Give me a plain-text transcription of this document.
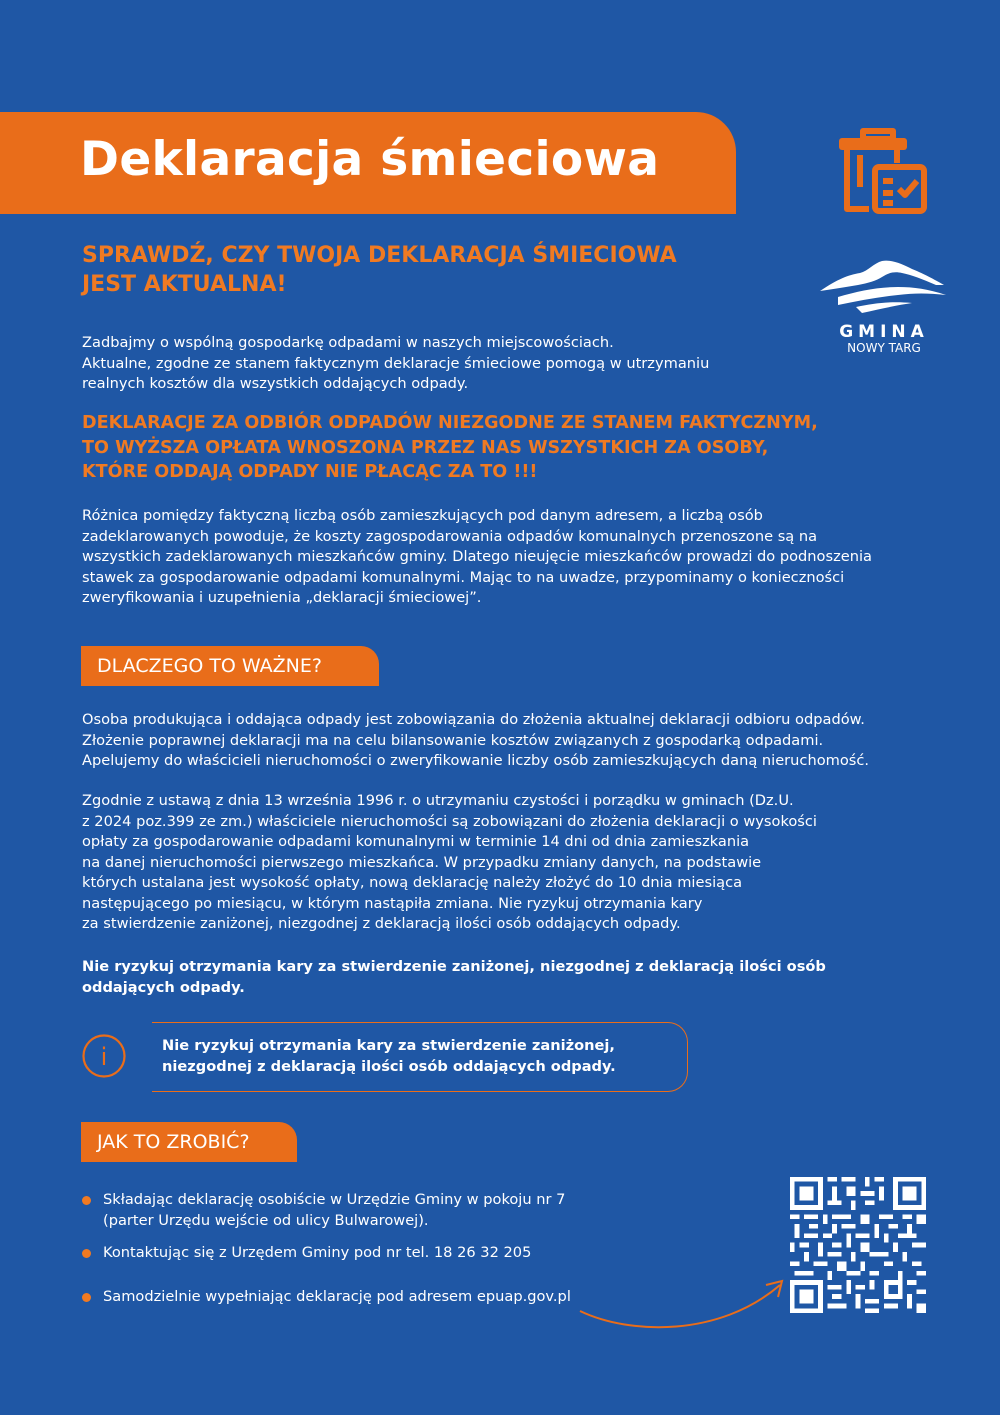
Deklaracja śmieciowa
GMINA
NOWY TARG

SPRAWDŹ, CZY TWOJA DEKLARACJA ŚMIECIOWA
JEST AKTUALNA!

Zadbajmy o wspólną gospodarkę odpadami w naszych miejscowościach.
Aktualne, zgodne ze stanem faktycznym deklaracje śmieciowe pomogą w utrzymaniu
realnych kosztów dla wszystkich oddających odpady.

DEKLARACJE ZA ODBIÓR ODPADÓW NIEZGODNE ZE STANEM FAKTYCZNYM,
TO WYŻSZA OPŁATA WNOSZONA PRZEZ NAS WSZYSTKICH ZA OSOBY,
KTÓRE ODDAJĄ ODPADY NIE PŁACĄC ZA TO !!!

Różnica pomiędzy faktyczną liczbą osób zamieszkujących pod danym adresem, a liczbą osób
zadeklarowanych powoduje, że koszty zagospodarowania odpadów komunalnych przenoszone są na
wszystkich zadeklarowanych mieszkańców gminy. Dlatego nieujęcie mieszkańców prowadzi do podnoszenia
stawek za gospodarowanie odpadami komunalnymi. Mając to na uwadze, przypominamy o konieczności
zweryfikowania i uzupełnienia „deklaracji śmieciowej”.

DLACZEGO TO WAŻNE?

Osoba produkująca i oddająca odpady jest zobowiązania do złożenia aktualnej deklaracji odbioru odpadów.
Złożenie poprawnej deklaracji ma na celu bilansowanie kosztów związanych z gospodarką odpadami.
Apelujemy do właścicieli nieruchomości o zweryfikowanie liczby osób zamieszkujących daną nieruchomość.

Zgodnie z ustawą z dnia 13 września 1996 r. o utrzymaniu czystości i porządku w gminach (Dz.U.
z 2024 poz.399 ze zm.) właściciele nieruchomości są zobowiązani do złożenia deklaracji o wysokości
opłaty za gospodarowanie odpadami komunalnymi w terminie 14 dni od dnia zamieszkania
na danej nieruchomości pierwszego mieszkańca. W przypadku zmiany danych, na podstawie
których ustalana jest wysokość opłaty, nową deklarację należy złożyć do 10 dnia miesiąca
następującego po miesiącu, w którym nastąpiła zmiana. Nie ryzykuj otrzymania kary
za stwierdzenie zaniżonej, niezgodnej z deklaracją ilości osób oddających odpady.

Nie ryzykuj otrzymania kary za stwierdzenie zaniżonej, niezgodnej z deklaracją ilości osób
oddających odpady.

i	Nie ryzykuj otrzymania kary za stwierdzenie zaniżonej,
niezgodnej z deklaracją ilości osób oddających odpady.

JAK TO ZROBIĆ?
Składając deklarację osobiście w Urzędzie Gminy w pokoju nr 7
(parter Urzędu wejście od ulicy Bulwarowej).
Kontaktując się z Urzędem Gminy pod nr tel. 18 26 32 205
Samodzielnie wypełniając deklarację pod adresem epuap.gov.pl
